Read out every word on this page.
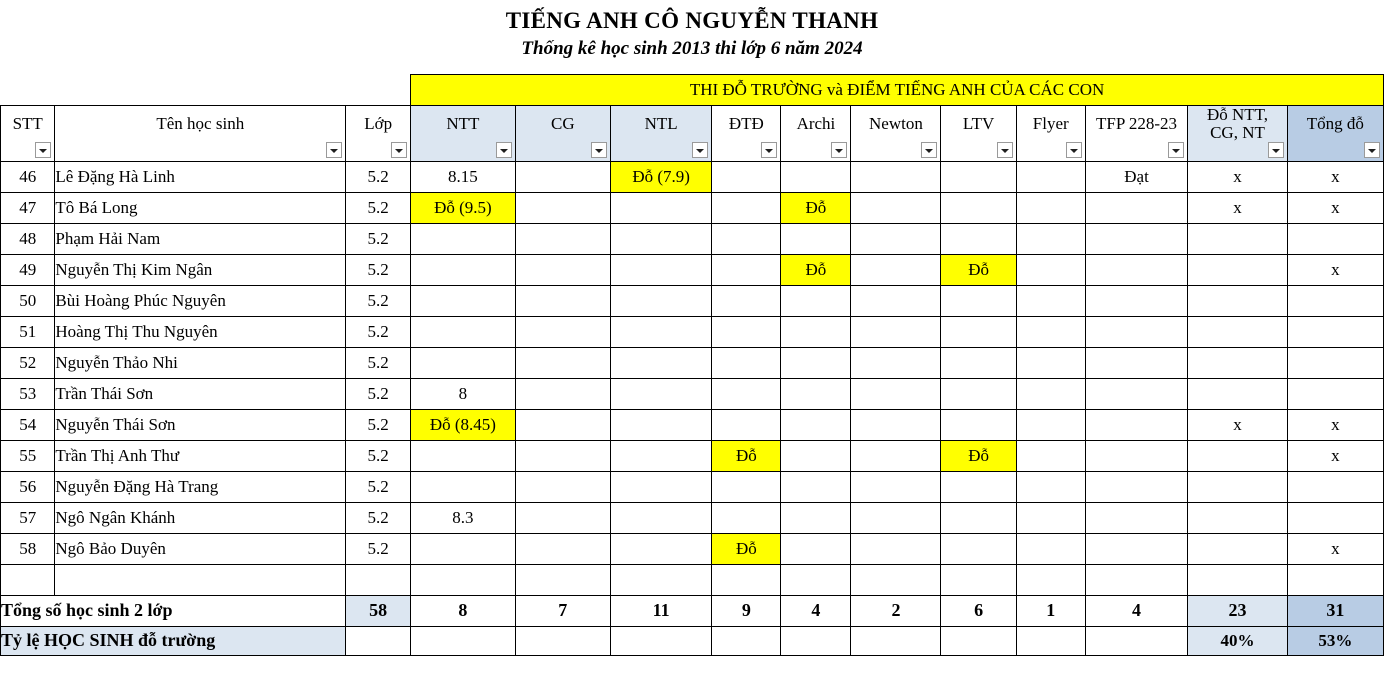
TIẾNG ANH CÔ NGUYỄN THANH
Thống kê học sinh 2013 thi lớp 6 năm 2024
			THI ĐỖ TRƯỜNG và ĐIỂM TIẾNG ANH CỦA CÁC CON										

STT	Tên học sinh	Lớp	NTT	CG	NTL	ĐTĐ	Archi	Newton	LTV	Flyer	TFP 228-23	Đỗ NTT, CG, NT	Tổng đỗ

46	Lê Đặng Hà Linh	5.2	8.15		Đỗ (7.9)						Đạt	x	x
47	Tô Bá Long	5.2	Đỗ (9.5)				Đỗ					x	x
48	Phạm Hải Nam	5.2											
49	Nguyễn Thị Kim Ngân	5.2					Đỗ		Đỗ				x
50	Bùi Hoàng Phúc Nguyên	5.2											
51	Hoàng Thị Thu Nguyên	5.2											
52	Nguyễn Thảo Nhi	5.2											
53	Trần Thái Sơn	5.2	8										
54	Nguyễn Thái Sơn	5.2	Đỗ (8.45)									x	x
55	Trần Thị Anh Thư	5.2				Đỗ			Đỗ				x
56	Nguyễn Đặng Hà Trang	5.2											
57	Ngô Ngân Khánh	5.2	8.3										
58	Ngô Bảo Duyên	5.2				Đỗ							x

Tổng số học sinh 2 lớp		58	8	7	11	9	4	2	6	1	4	23	31
Tỷ lệ HỌC SINH đỗ trường												40%	53%
